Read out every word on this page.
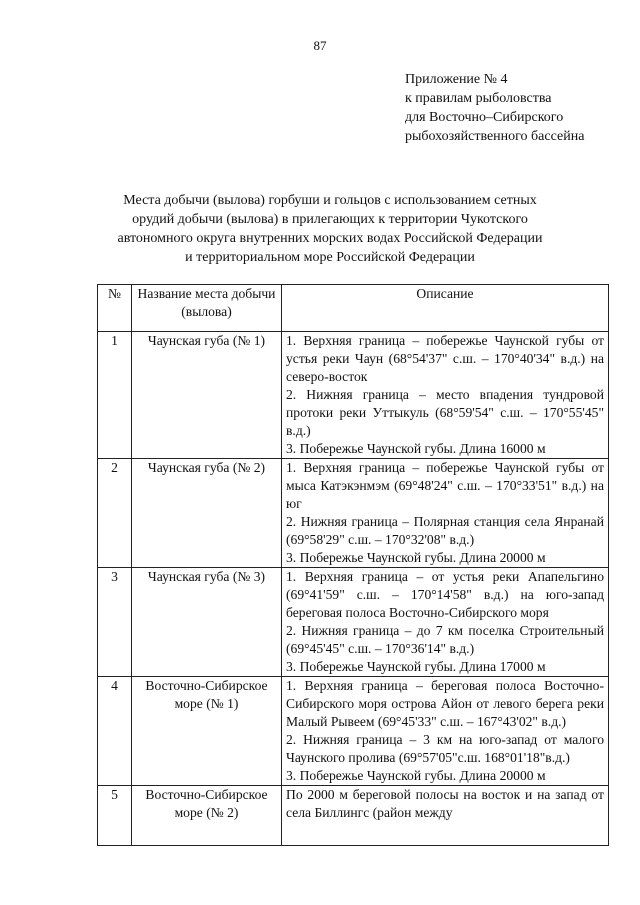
87
Приложение № 4
к правилам рыболовства
для Восточно–Сибирского
рыбохозяйственного бассейна
Места добычи (вылова) горбуши и гольцов с использованием сетных
орудий добычи (вылова) в прилегающих к территории Чукотского
автономного округа внутренних морских водах Российской Федерации
и территориальном море Российской Федерации
№	Название места добычи (вылова)	Описание
1	Чаунская губа (№ 1)	1. Верхняя граница – побережье Чаунской губы от устья реки Чаун (68°54'37" с.ш. – 170°40'34" в.д.) на северо-восток
2. Нижняя граница – место впадения тундровой протоки реки Уттыкуль (68°59'54" с.ш. – 170°55'45" в.д.)
3. Побережье Чаунской губы. Длина 16000 м

2	Чаунская губа (№ 2)	1. Верхняя граница – побережье Чаунской губы от мыса Катэкэнмэм (69°48'24" с.ш. – 170°33'51" в.д.) на юг
2. Нижняя граница – Полярная станция села Янранай (69°58'29" с.ш. – 170°32'08" в.д.)
3. Побережье Чаунской губы. Длина 20000 м

3	Чаунская губа (№ 3)	1. Верхняя граница – от устья реки Апапельгино (69°41'59" с.ш. – 170°14'58" в.д.) на юго-запад береговая полоса Восточно-Сибирского моря
2. Нижняя граница – до 7 км поселка Строительный (69°45'45" с.ш. – 170°36'14" в.д.)
3. Побережье Чаунской губы. Длина 17000 м

4	Восточно-Сибирское море (№ 1)	1. Верхняя граница – береговая полоса Восточно-Сибирского моря острова Айон от левого берега реки Малый Рывеем (69°45'33" с.ш. – 167°43'02" в.д.)
2. Нижняя граница – 3 км на юго-запад от малого Чаунского пролива (69°57'05"с.ш. 168°01'18"в.д.)
3. Побережье Чаунской губы. Длина 20000 м

5	Восточно-Сибирское море (№ 2)	По 2000 м береговой полосы на восток и на запад от села Биллингс (район между
